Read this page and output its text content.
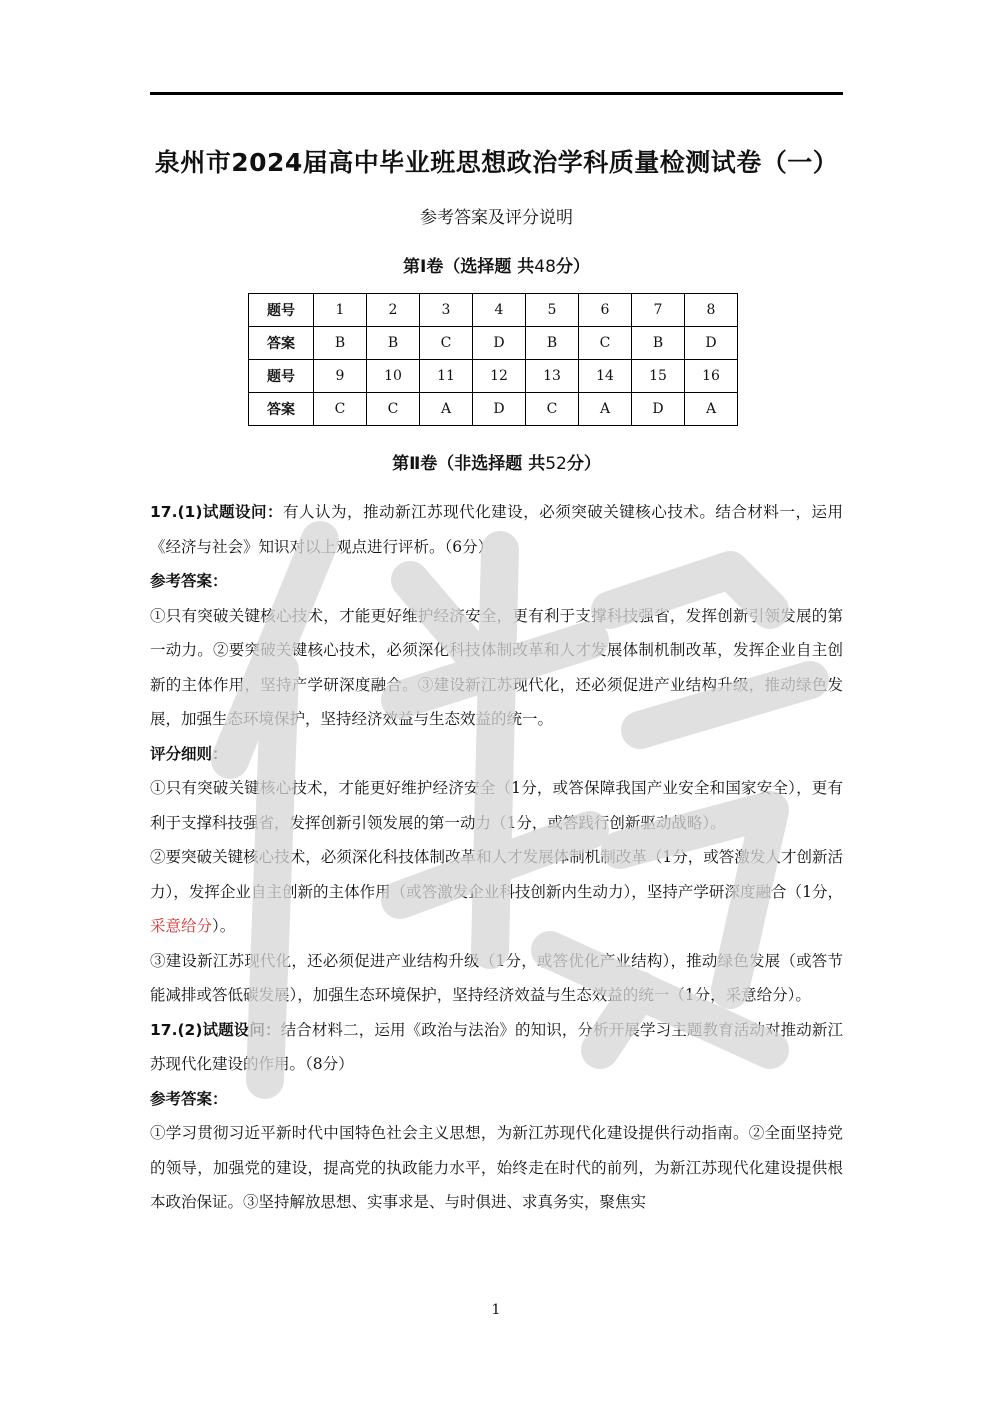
泉州市2024届高中毕业班思想政治学科质量检测试卷（一）
参考答案及评分说明
第Ⅰ卷（选择题 共48分）
题号	1	2	3	4	5	6	7	8
答案	B	B	C	D	B	C	B	D
题号	9	10	11	12	13	14	15	16
答案	C	C	A	D	C	A	D	A
第Ⅱ卷（非选择题 共52分）

17.(1)试题设问：有人认为，推动新江苏现代化建设，必须突破关键核心技术。结合材料一，运用《经济与社会》知识对以上观点进行评析。（6分）

参考答案：

①只有突破关键核心技术，才能更好维护经济安全，更有利于支撑科技强省，发挥创新引领发展的第一动力。②要突破关键核心技术，必须深化科技体制改革和人才发展体制机制改革，发挥企业自主创新的主体作用，坚持产学研深度融合。③建设新江苏现代化，还必须促进产业结构升级，推动绿色发展，加强生态环境保护，坚持经济效益与生态效益的统一。

评分细则：

①只有突破关键核心技术，才能更好维护经济安全（1分，或答保障我国产业安全和国家安全），更有利于支撑科技强省，发挥创新引领发展的第一动力（1分，或答践行创新驱动战略）。

②要突破关键核心技术，必须深化科技体制改革和人才发展体制机制改革（1分，或答激发人才创新活力），发挥企业自主创新的主体作用（或答激发企业科技创新内生动力），坚持产学研深度融合（1分，采意给分）。

③建设新江苏现代化，还必须促进产业结构升级（1分，或答优化产业结构），推动绿色发展（或答节能减排或答低碳发展），加强生态环境保护，坚持经济效益与生态效益的统一（1分，采意给分）。

17.(2)试题设问：结合材料二，运用《政治与法治》的知识，分析开展学习主题教育活动对推动新江苏现代化建设的作用。（8分）

参考答案：

①学习贯彻习近平新时代中国特色社会主义思想，为新江苏现代化建设提供行动指南。②全面坚持党的领导，加强党的建设，提高党的执政能力水平，始终走在时代的前列，为新江苏现代化建设提供根本政治保证。③坚持解放思想、实事求是、与时俱进、求真务实，聚焦实

1
